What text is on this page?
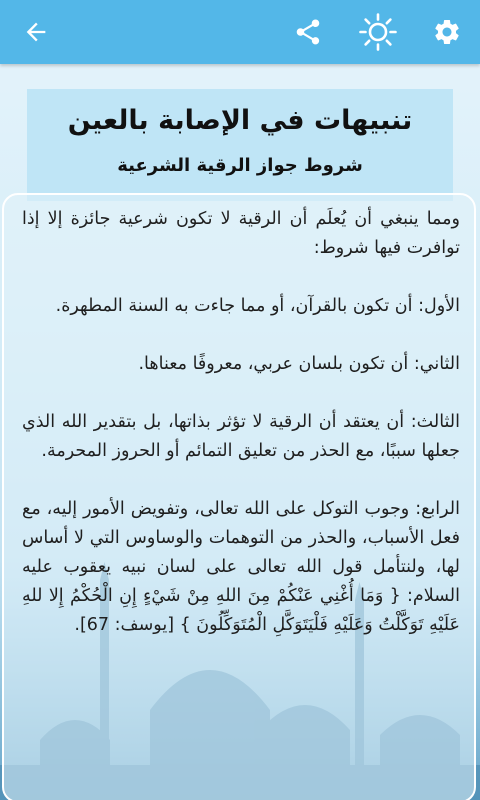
تنبيهات في الإصابة بالعين
شروط جواز الرقية الشرعية

ومما ينبغي أن يُعلَم أن الرقية لا تكون شرعية جائزة إلا إذا توافرت فيها شروط:

الأول: أن تكون بالقرآن، أو مما جاءت به السنة المطهرة.

الثاني: أن تكون بلسان عربي، معروفًا معناها.

الثالث: أن يعتقد أن الرقية لا تؤثر بذاتها، بل بتقدير الله الذي جعلها سببًا، مع الحذر من تعليق التمائم أو الحروز المحرمة.

الرابع: وجوب التوكل على الله تعالى، وتفويض الأمور إليه، مع فعل الأسباب، والحذر من التوهمات والوساوس التي لا أساس لها، ولنتأمل قول الله تعالى على لسان نبيه يعقوب عليه السلام: { وَمَا أُغْنِي عَنْكُمْ مِنَ اللهِ مِنْ شَيْءٍ إِنِ الْحُكْمُ إِلا للهِ عَلَيْهِ تَوَكَّلْتُ وَعَلَيْهِ فَلْيَتَوَكَّلِ الْمُتَوَكِّلُونَ } [يوسف: 67].
